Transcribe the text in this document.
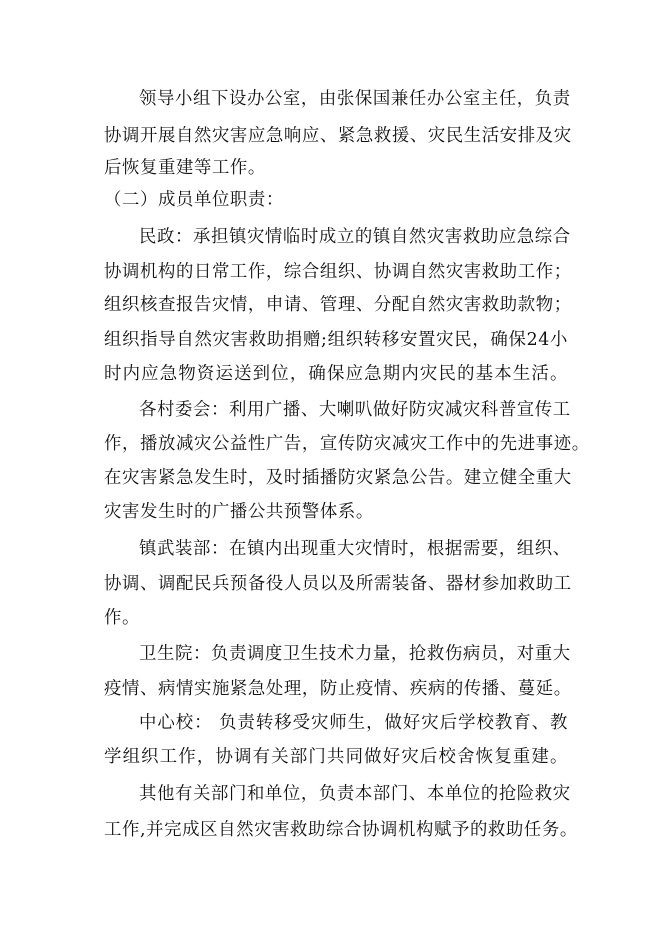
领导小组下设办公室，由张保国兼任办公室主任，负责
协调开展自然灾害应急响应、紧急救援、灾民生活安排及灾
后恢复重建等工作。
（二）成员单位职责：
民政：承担镇灾情临时成立的镇自然灾害救助应急综合
协调机构的日常工作，综合组织、协调自然灾害救助工作；
组织核查报告灾情，申请、管理、分配自然灾害救助款物；
组织指导自然灾害救助捐赠;组织转移安置灾民，确保24小
时内应急物资运送到位，确保应急期内灾民的基本生活。
各村委会：利用广播、大喇叭做好防灾减灾科普宣传工
作，播放减灾公益性广告，宣传防灾减灾工作中的先进事迹。
在灾害紧急发生时，及时插播防灾紧急公告。建立健全重大
灾害发生时的广播公共预警体系。
镇武装部：在镇内出现重大灾情时，根据需要，组织、
协调、调配民兵预备役人员以及所需装备、器材参加救助工
作。
卫生院：负责调度卫生技术力量，抢救伤病员，对重大
疫情、病情实施紧急处理，防止疫情、疾病的传播、蔓延。
中心校： 负责转移受灾师生，做好灾后学校教育、教
学组织工作，协调有关部门共同做好灾后校舍恢复重建。
其他有关部门和单位，负责本部门、本单位的抢险救灾
工作,并完成区自然灾害救助综合协调机构赋予的救助任务。
